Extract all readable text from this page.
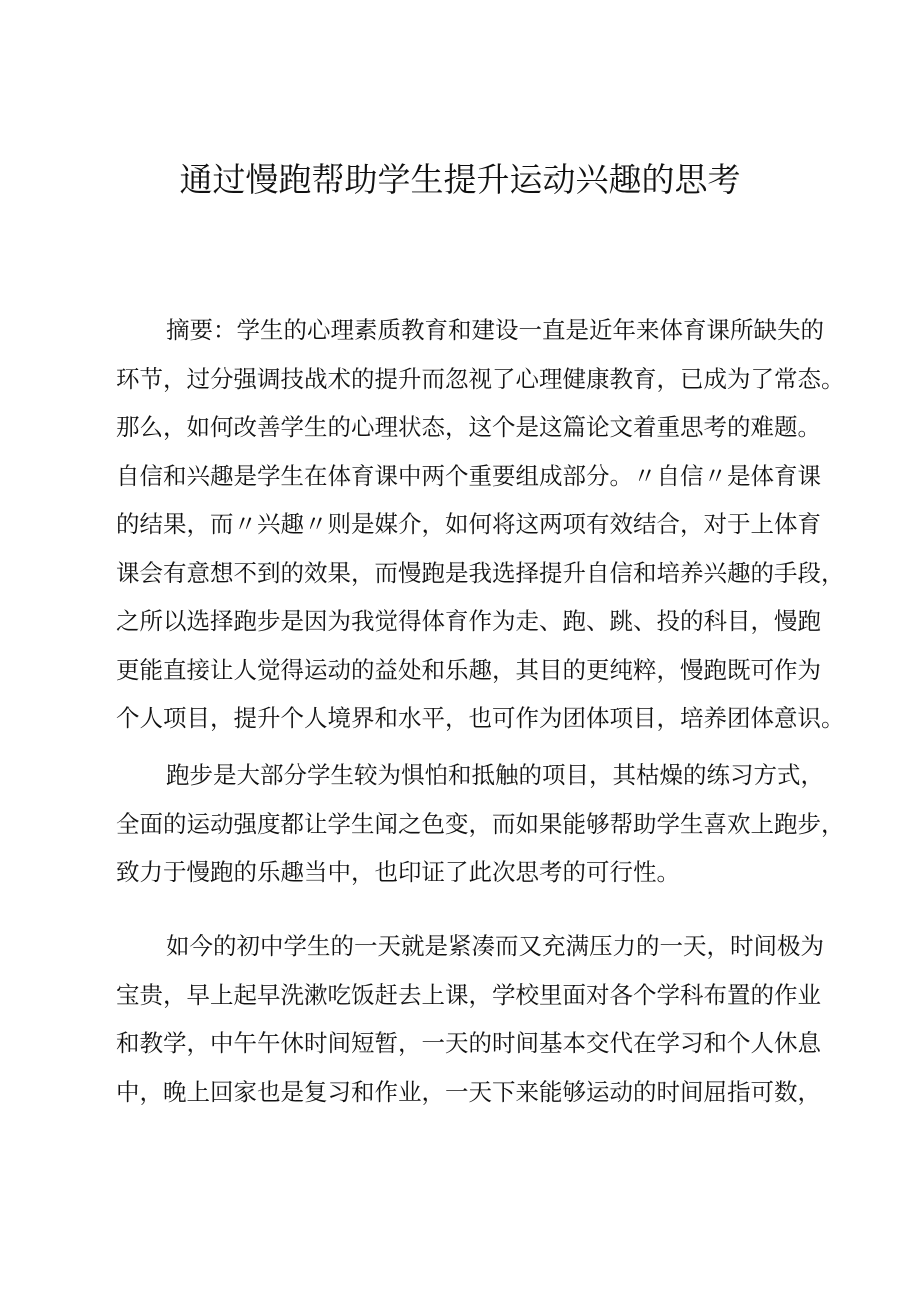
通过慢跑帮助学生提升运动兴趣的思考

摘要：学生的心理素质教育和建设一直是近年来体育课所缺失的
环节，过分强调技战术的提升而忽视了心理健康教育，已成为了常态。
那么，如何改善学生的心理状态，这个是这篇论文着重思考的难题。
自信和兴趣是学生在体育课中两个重要组成部分。〃自信〃是体育课
的结果，而〃兴趣〃则是媒介，如何将这两项有效结合，对于上体育
课会有意想不到的效果，而慢跑是我选择提升自信和培养兴趣的手段，
之所以选择跑步是因为我觉得体育作为走、跑、跳、投的科目，慢跑
更能直接让人觉得运动的益处和乐趣，其目的更纯粹，慢跑既可作为
个人项目，提升个人境界和水平，也可作为团体项目，培养团体意识。

跑步是大部分学生较为惧怕和抵触的项目，其枯燥的练习方式，
全面的运动强度都让学生闻之色变，而如果能够帮助学生喜欢上跑步，
致力于慢跑的乐趣当中，也印证了此次思考的可行性。

如今的初中学生的一天就是紧凑而又充满压力的一天，时间极为
宝贵，早上起早洗漱吃饭赶去上课，学校里面对各个学科布置的作业
和教学，中午午休时间短暂，一天的时间基本交代在学习和个人休息
中，晚上回家也是复习和作业，一天下来能够运动的时间屈指可数，
